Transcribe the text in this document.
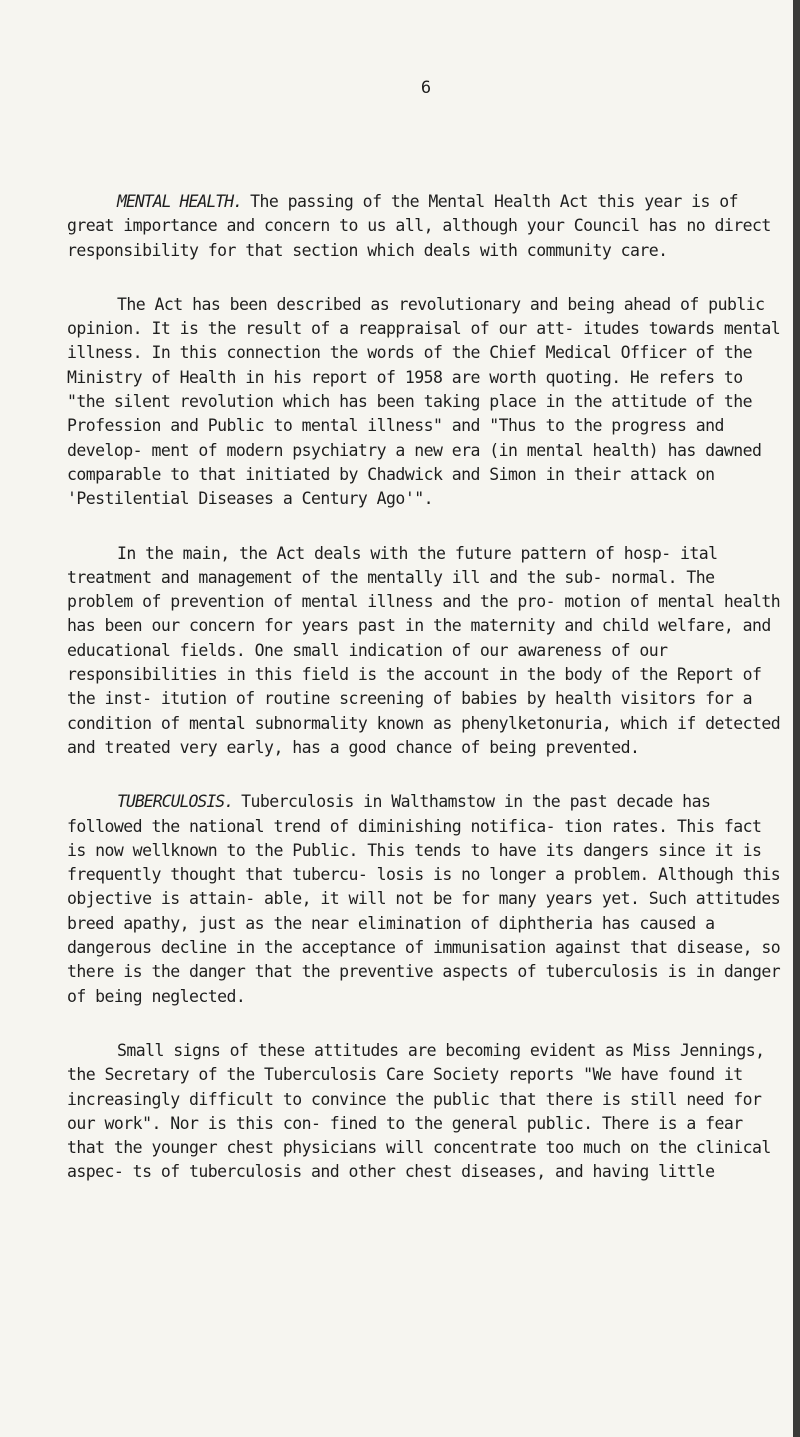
6

MENTAL HEALTH. The passing of the Mental Health Act this year is of great importance and concern to us all, although your Council has no direct responsibility for that section which deals with community care.

The Act has been described as revolutionary and being ahead of public opinion. It is the result of a reappraisal of our att- itudes towards mental illness. In this connection the words of the Chief Medical Officer of the Ministry of Health in his report of 1958 are worth quoting. He refers to "the silent revolution which has been taking place in the attitude of the Profession and Public to mental illness" and "Thus to the progress and develop- ment of modern psychiatry a new era (in mental health) has dawned comparable to that initiated by Chadwick and Simon in their attack on 'Pestilential Diseases a Century Ago'".

In the main, the Act deals with the future pattern of hosp- ital treatment and management of the mentally ill and the sub- normal. The problem of prevention of mental illness and the pro- motion of mental health has been our concern for years past in the maternity and child welfare, and educational fields. One small indication of our awareness of our responsibilities in this field is the account in the body of the Report of the inst- itution of routine screening of babies by health visitors for a condition of mental subnormality known as phenylketonuria, which if detected and treated very early, has a good chance of being prevented.

TUBERCULOSIS. Tuberculosis in Walthamstow in the past decade has followed the national trend of diminishing notifica- tion rates. This fact is now wellknown to the Public. This tends to have its dangers since it is frequently thought that tubercu- losis is no longer a problem. Although this objective is attain- able, it will not be for many years yet. Such attitudes breed apathy, just as the near elimination of diphtheria has caused a dangerous decline in the acceptance of immunisation against that disease, so there is the danger that the preventive aspects of tuberculosis is in danger of being neglected.

Small signs of these attitudes are becoming evident as Miss Jennings, the Secretary of the Tuberculosis Care Society reports "We have found it increasingly difficult to convince the public that there is still need for our work". Nor is this con- fined to the general public. There is a fear that the younger chest physicians will concentrate too much on the clinical aspec- ts of tuberculosis and other chest diseases, and having little
